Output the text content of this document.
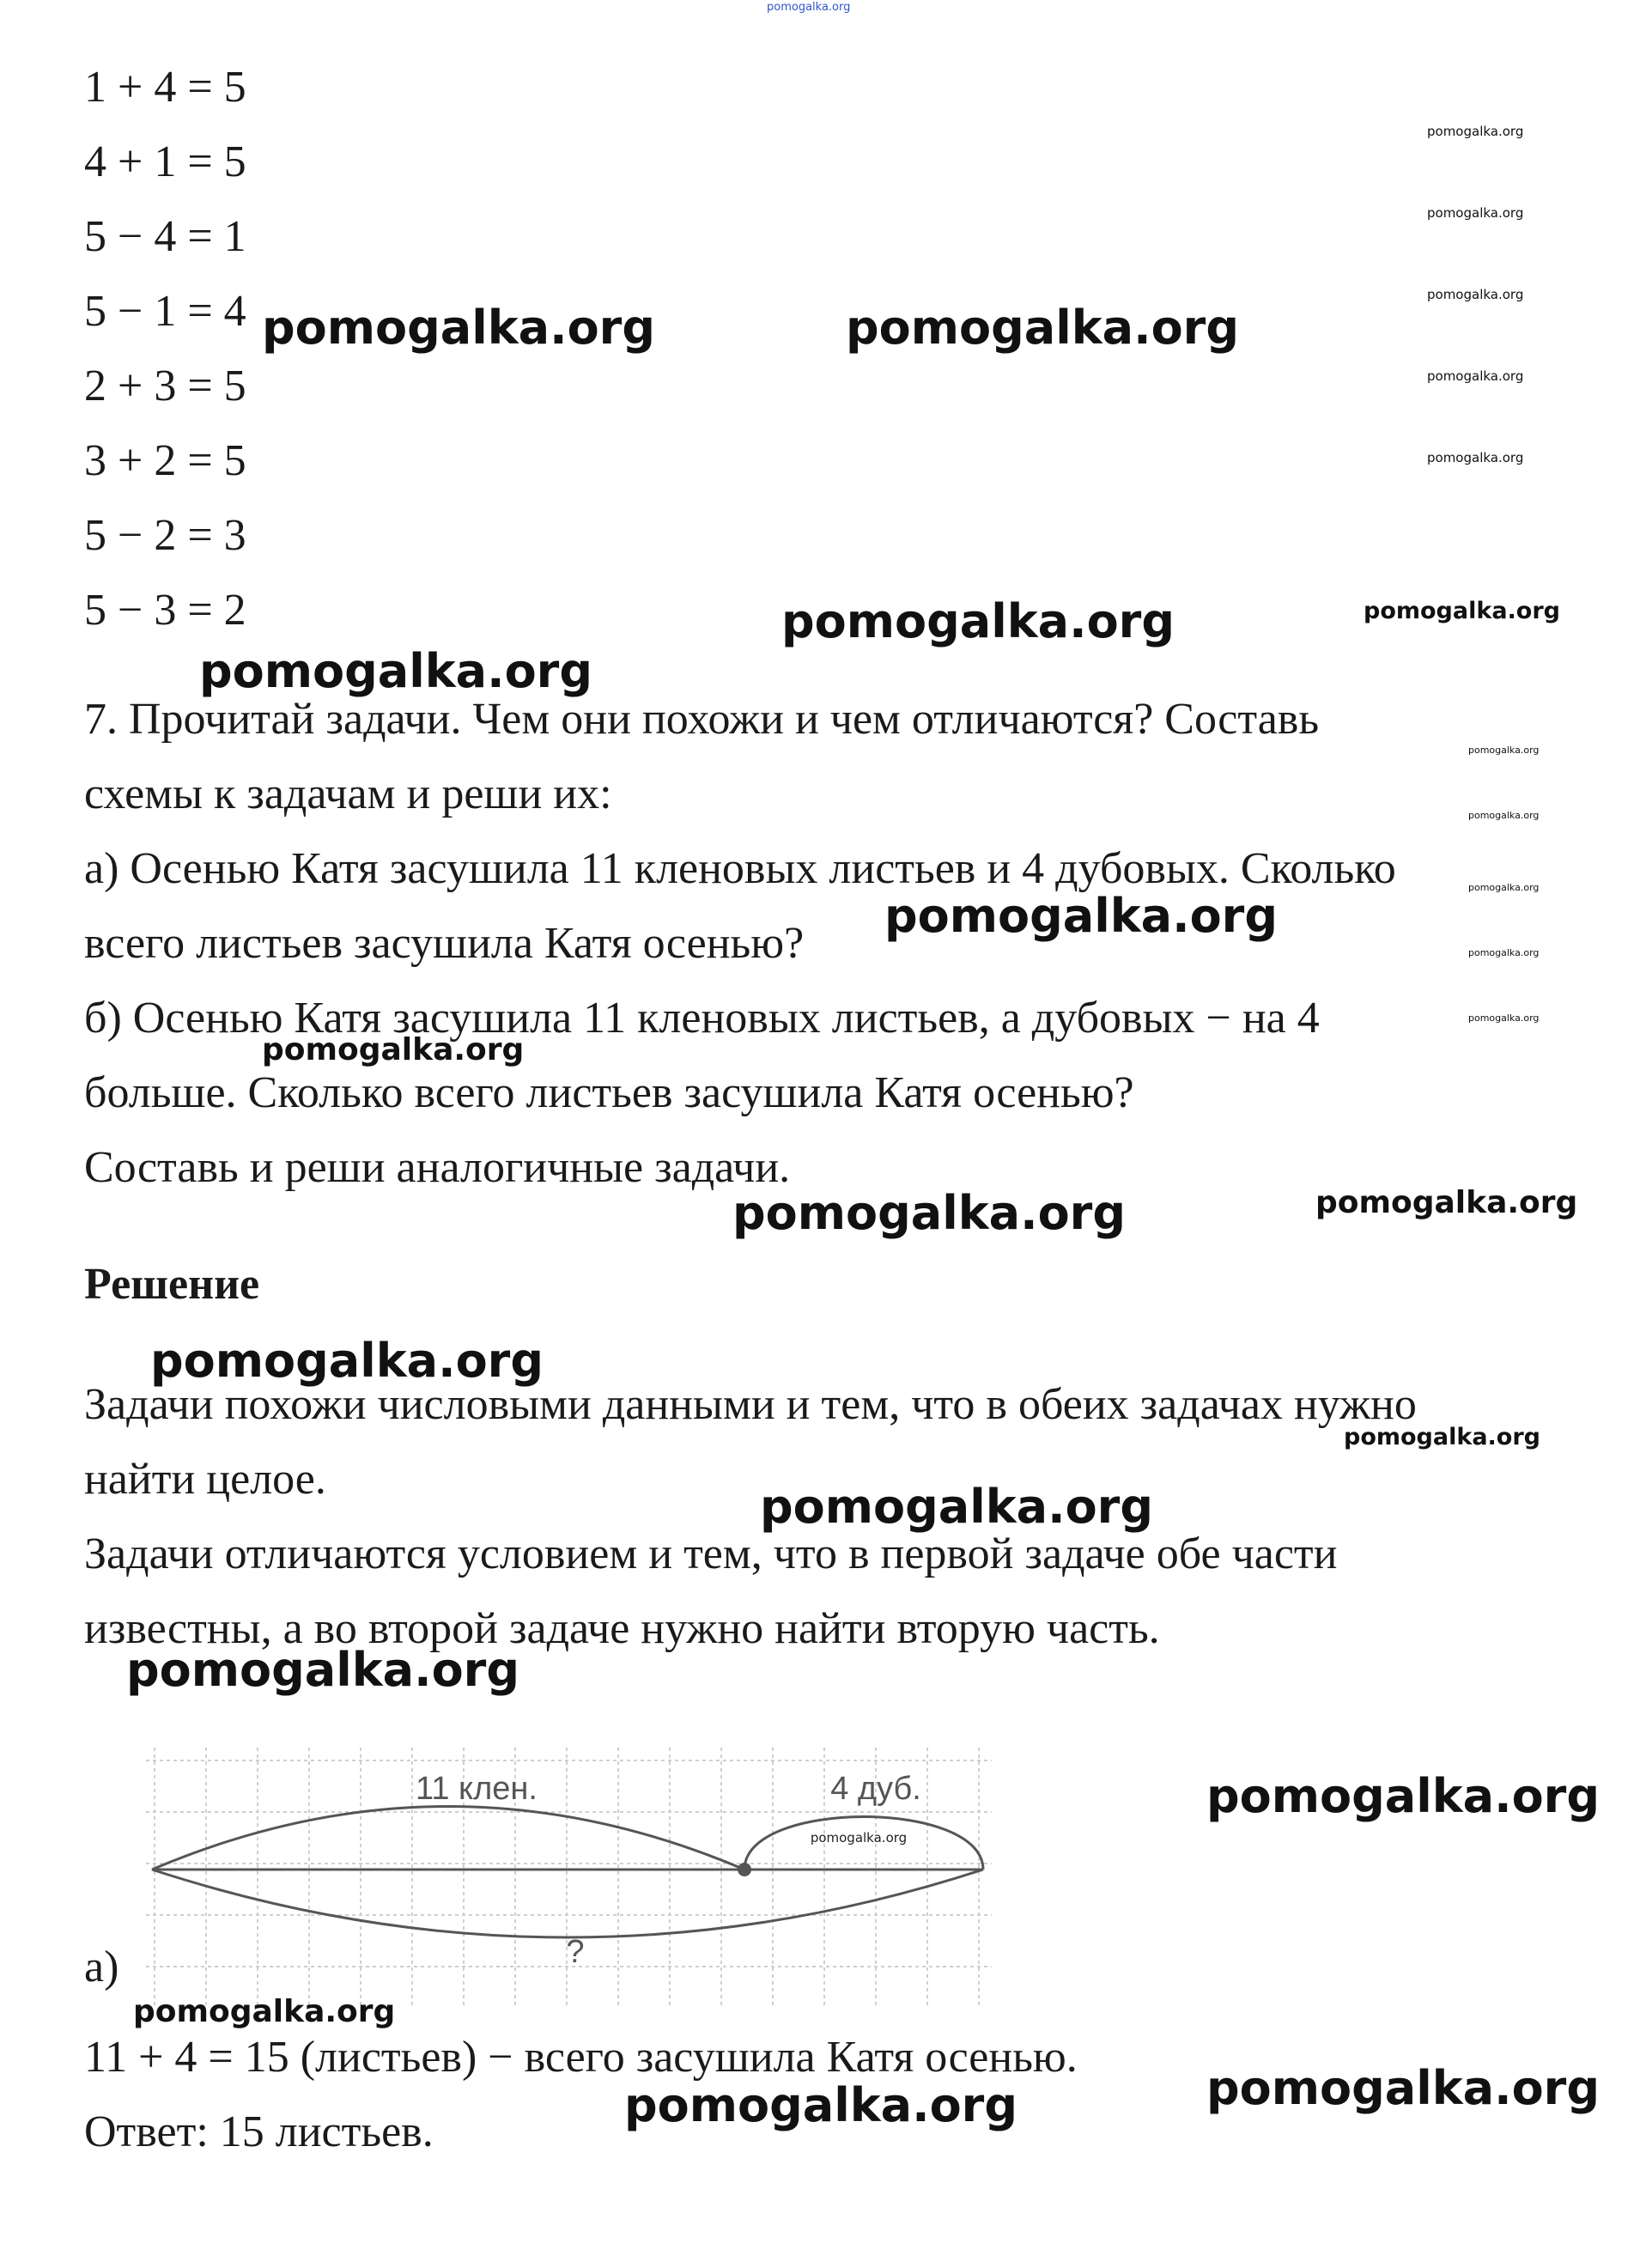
pomogalka.org
1 + 4 = 5
4 + 1 = 5
5 − 4 = 1
5 − 1 = 4
2 + 3 = 5
3 + 2 = 5
5 − 2 = 3
5 − 3 = 2
7. Прочитай задачи. Чем они похожи и чем отличаются? Составь
схемы к задачам и реши их:
а) Осенью Катя засушила 11 кленовых листьев и 4 дубовых. Сколько
всего листьев засушила Катя осенью?
б) Осенью Катя засушила 11 кленовых листьев, а дубовых − на 4
больше. Сколько всего листьев засушила Катя осенью?
Составь и реши аналогичные задачи.
Решение
Задачи похожи числовыми данными и тем, что в обеих задачах нужно
найти целое.
Задачи отличаются условием и тем, что в первой задаче обе части
известны, а во второй задаче нужно найти вторую часть.
11 клен.	4 дуб.
?
pomogalka.org
а)
11 + 4 = 15 (листьев) − всего засушила Катя осенью.
Ответ: 15 листьев.
pomogalka.org	pomogalka.org
pomogalka.org
pomogalka.org
pomogalka.org
pomogalka.org
pomogalka.org
pomogalka.org
pomogalka.org
pomogalka.org
pomogalka.org
pomogalka.org
pomogalka.org
pomogalka.org
pomogalka.org
pomogalka.org
pomogalka.org
pomogalka.org
pomogalka.org
pomogalka.org
pomogalka.org
pomogalka.org
pomogalka.org
pomogalka.org
pomogalka.org
pomogalka.org
pomogalka.org
